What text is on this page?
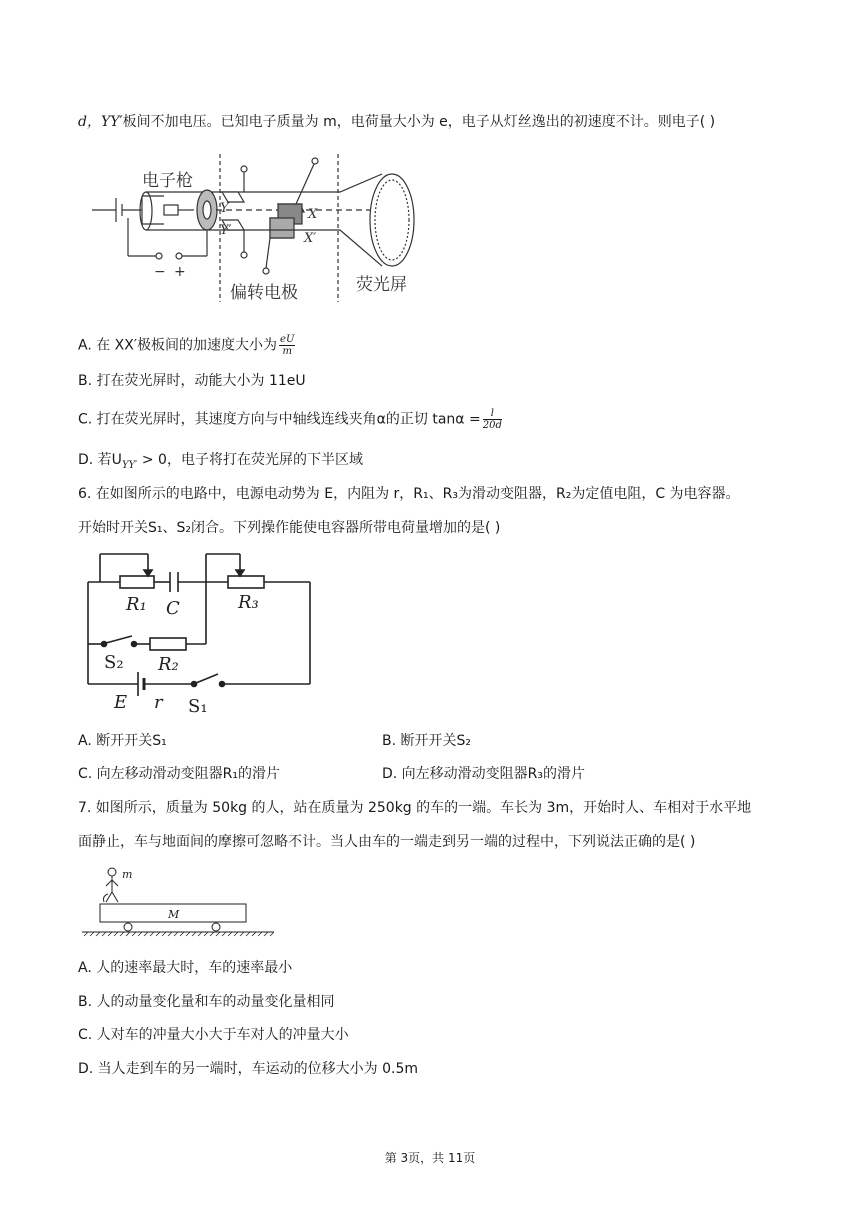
d，YY′板间不加电压。已知电子质量为 m，电荷量大小为 e，电子从灯丝逸出的初速度不计。则电子( )
电子枪
偏转电极	荧光屏
Y
Y′
X
X′
− +
A. 在 XX′极板间的加速度大小为 $\frac{eU}{m}$
B. 打在荧光屏时，动能大小为 11eU
C. 打在荧光屏时，其速度方向与中轴线连线夹角α的正切 $\tan\alpha = \frac{l}{20d}$
D. 若$U_{YY'} > 0$，电子将打在荧光屏的下半区域
6. 在如图所示的电路中，电源电动势为 E，内阻为 r，R₁、R₃为滑动变阻器，R₂为定值电阻，C 为电容器。
开始时开关S₁、S₂闭合。下列操作能使电容器所带电荷量增加的是( )
R₁ C	R₃
R₂
E r
S₂
S₁
A. 断开开关S₁	B. 断开开关S₂
C. 向左移动滑动变阻器R₁的滑片	D. 向左移动滑动变阻器R₃的滑片
7. 如图所示，质量为 50kg 的人，站在质量为 250kg 的车的一端。车长为 3m，开始时人、车相对于水平地
面静止，车与地面间的摩擦可忽略不计。当人由车的一端走到另一端的过程中，下列说法正确的是( )
m
M
A. 人的速率最大时，车的速率最小
B. 人的动量变化量和车的动量变化量相同
C. 人对车的冲量大小大于车对人的冲量大小
D. 当人走到车的另一端时，车运动的位移大小为 0.5m
第 3页，共 11页
